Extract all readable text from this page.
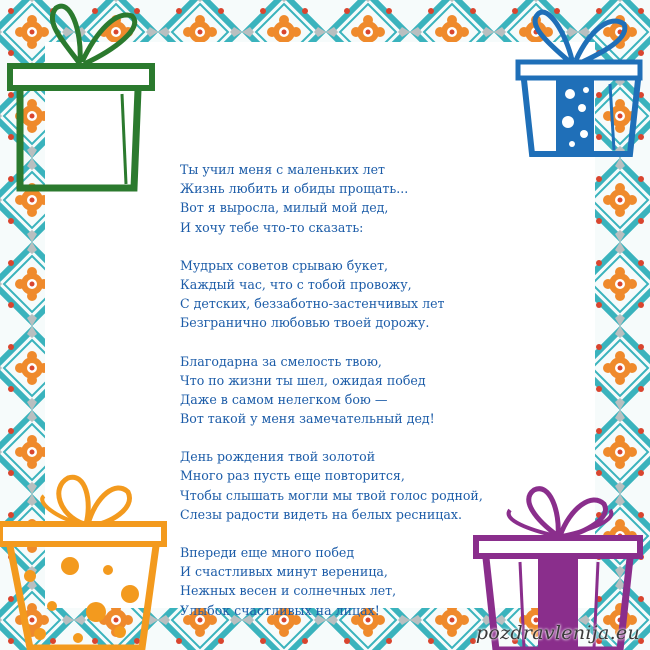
Ты учил меня с маленьких лет
Жизнь любить и обиды прощать...
Вот я выросла, милый мой дед,
И хочу тебе что-то сказать:
Мудрых советов срываю букет,
Каждый час, что с тобой провожу,
С детских, беззаботно-застенчивых лет
Безгранично любовью твоей дорожу.
Благодарна за смелость твою,
Что по жизни ты шел, ожидая побед
Даже в самом нелегком бою —
Вот такой у меня замечательный дед!
День рождения твой золотой
Много раз пусть еще повторится,
Чтобы слышать могли мы твой голос родной,
Слезы радости видеть на белых ресницах.
Впереди еще много побед
И счастливых минут вереница,
Нежных весен и солнечных лет,
Улыбок счастливых на лицах!
pozdravlenija.eu
